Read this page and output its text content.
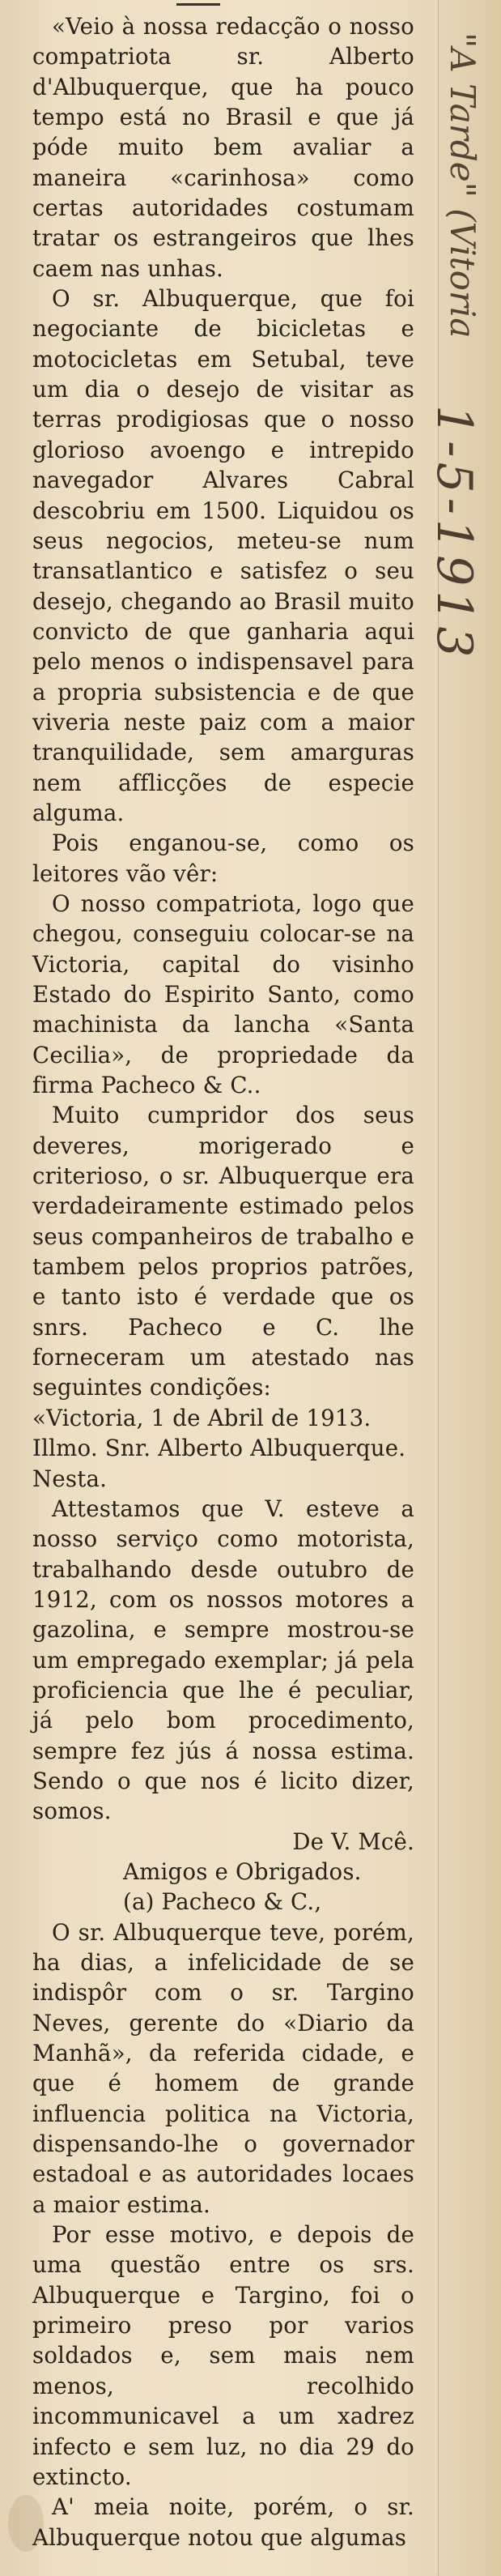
«Veio à nossa redacção o nosso compatriota sr. Alberto d'Albuquerque, que ha pouco tempo está no Brasil e que já póde muito bem avaliar a maneira «carinhosa» como certas autoridades costumam tratar os estrangeiros que lhes caem nas unhas.

O sr. Albuquerque, que foi negociante de bicicletas e motocicletas em Setubal, teve um dia o desejo de visitar as terras prodigiosas que o nosso glorioso avoengo e intrepido navegador Alvares Cabral descobriu em 1500. Liquidou os seus negocios, meteu-se num transatlantico e satisfez o seu desejo, chegando ao Brasil muito convicto de que ganharia aqui pelo menos o indispensavel para a propria subsistencia e de que viveria neste paiz com a maior tranquilidade, sem amarguras nem afflicções de especie alguma.

Pois enganou-se, como os leitores vão vêr:

O nosso compatriota, logo que chegou, conseguiu colocar-se na Victoria, capital do visinho Estado do Espirito Santo, como machinista da lancha «Santa Cecilia», de propriedade da firma Pacheco & C..

Muito cumpridor dos seus deveres, morigerado e criterioso, o sr. Albuquerque era verdadeiramente estimado pelos seus companheiros de trabalho e tambem pelos proprios patrões, e tanto isto é verdade que os snrs. Pacheco e C. lhe forneceram um atestado nas seguintes condições:

«Victoria, 1 de Abril de 1913.

Illmo. Snr. Alberto Albuquerque.

Nesta.

Attestamos que V. esteve a nosso serviço como motorista, trabalhando desde outubro de 1912, com os nossos motores a gazolina, e sempre mostrou-se um empregado exemplar; já pela proficiencia que lhe é peculiar, já pelo bom procedimento, sempre fez jús á nossa estima. Sendo o que nos é licito dizer, somos.

De V. Mcê.

Amigos e Obrigados.

(a) Pacheco & C.,

O sr. Albuquerque teve, porém, ha dias, a infelicidade de se indispôr com o sr. Targino Neves, gerente do «Diario da Manhã», da referida cidade, e que é homem de grande influencia politica na Victoria, dispensando-lhe o governador estadoal e as autoridades locaes a maior estima.

Por esse motivo, e depois de uma questão entre os srs. Albuquerque e Targino, foi o primeiro preso por varios soldados e, sem mais nem menos, recolhido incommunicavel a um xadrez infecto e sem luz, no dia 29 do extincto.

A' meia noite, porém, o sr. Albuquerque notou que algumas

"A Tarde" (Vitoria
1-5-1913
